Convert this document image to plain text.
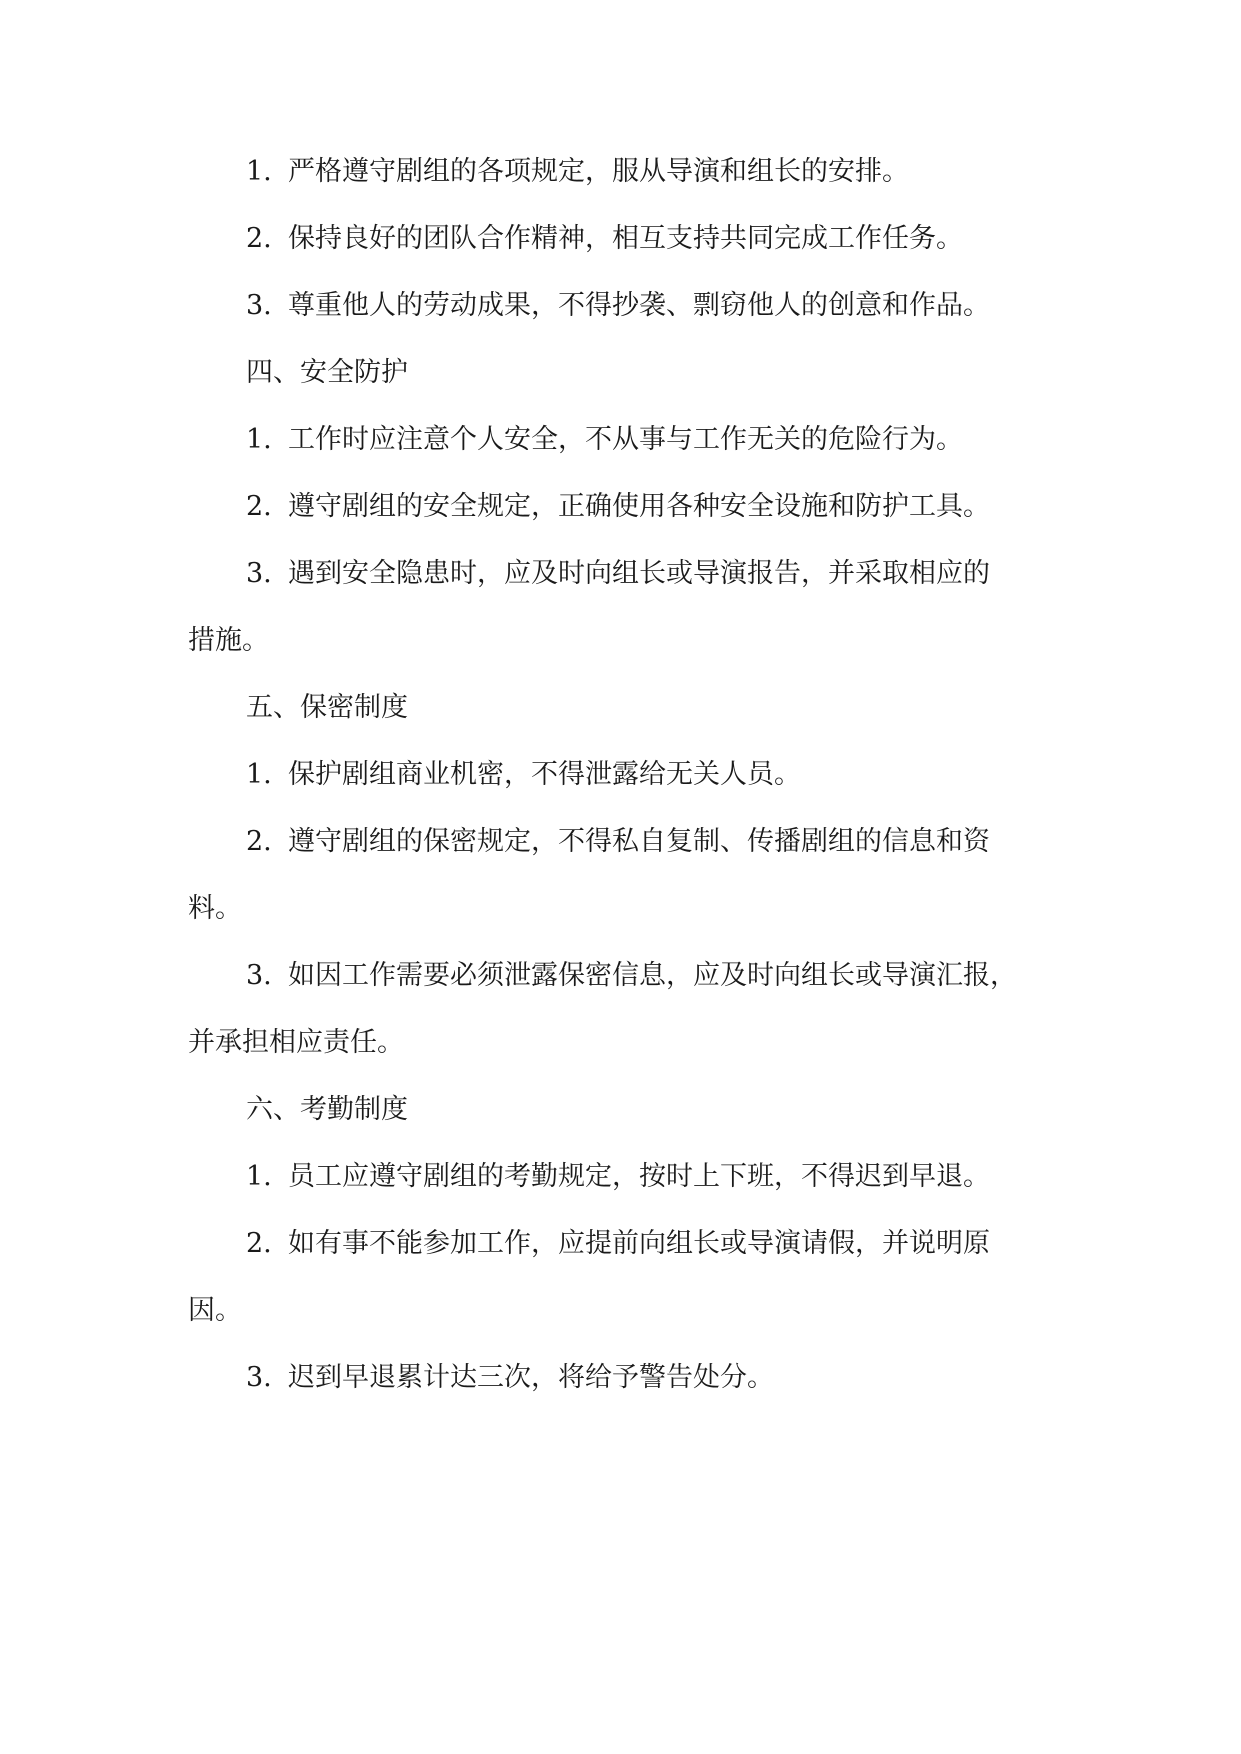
1. 严格遵守剧组的各项规定，服从导演和组长的安排。
2. 保持良好的团队合作精神，相互支持共同完成工作任务。
3. 尊重他人的劳动成果，不得抄袭、剽窃他人的创意和作品。
四、安全防护
1. 工作时应注意个人安全，不从事与工作无关的危险行为。
2. 遵守剧组的安全规定，正确使用各种安全设施和防护工具。
3. 遇到安全隐患时，应及时向组长或导演报告，并采取相应的
措施。
五、保密制度
1. 保护剧组商业机密，不得泄露给无关人员。
2. 遵守剧组的保密规定，不得私自复制、传播剧组的信息和资
料。
3. 如因工作需要必须泄露保密信息，应及时向组长或导演汇报，
并承担相应责任。
六、考勤制度
1. 员工应遵守剧组的考勤规定，按时上下班，不得迟到早退。
2. 如有事不能参加工作，应提前向组长或导演请假，并说明原
因。
3. 迟到早退累计达三次，将给予警告处分。
